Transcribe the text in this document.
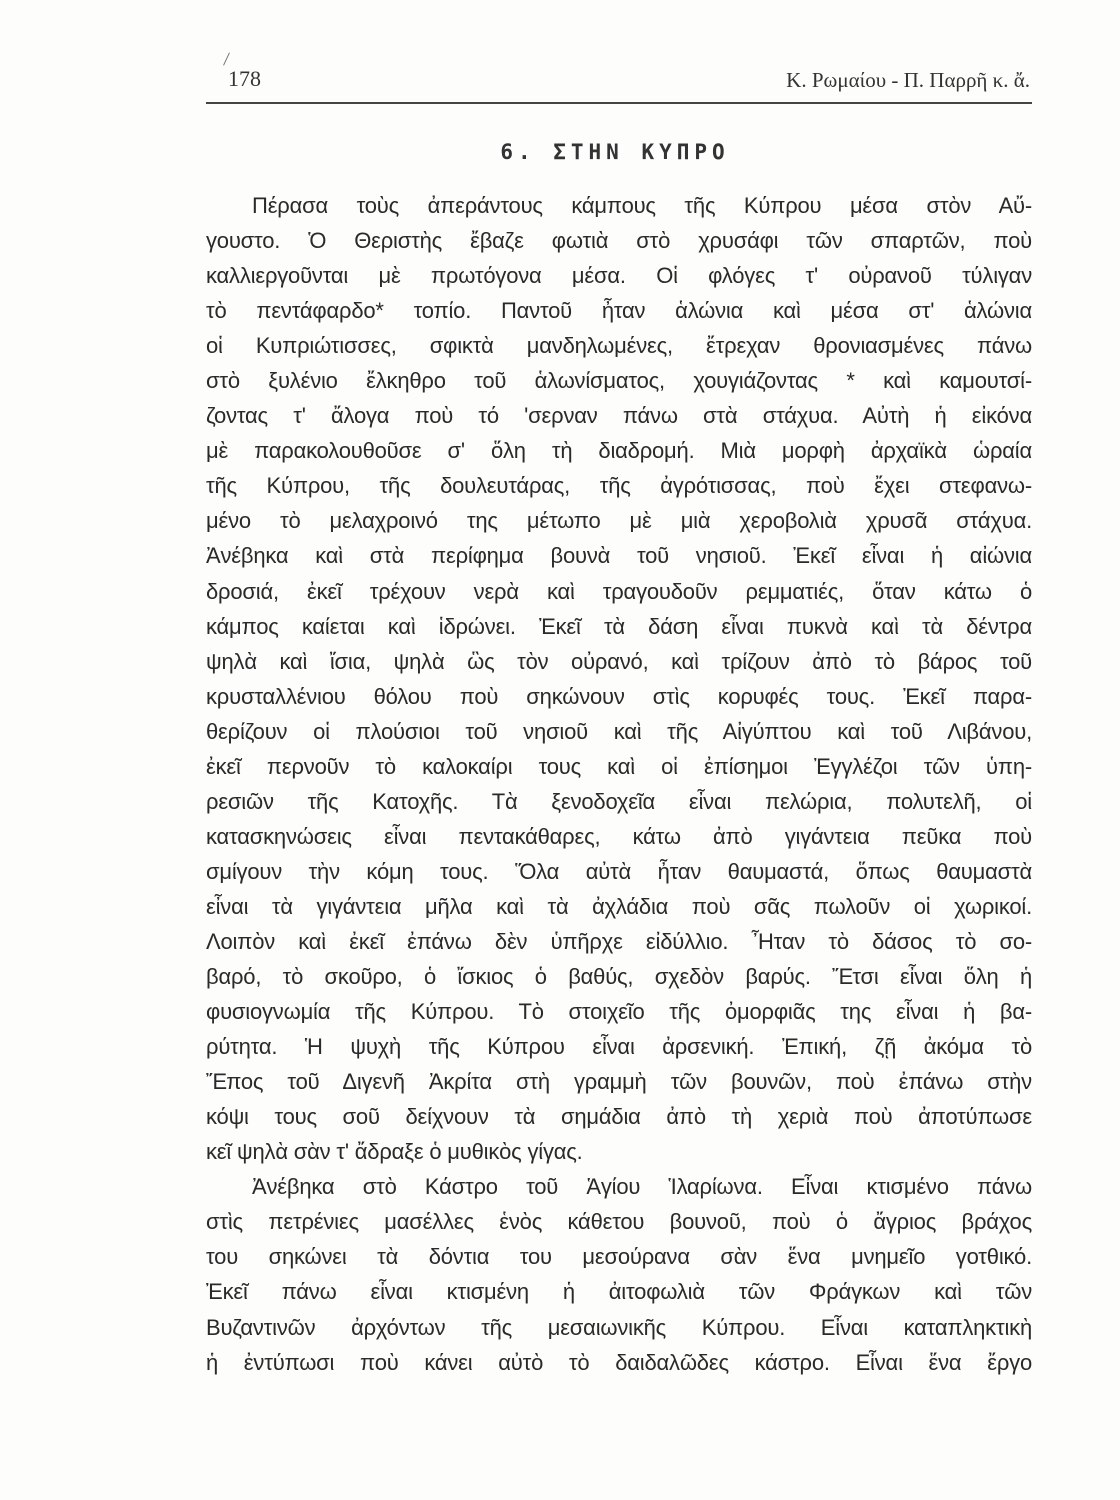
178	Κ. Ρωμαίου - Π. Παρρῆ κ. ἄ.
6. ΣΤΗΝ ΚΥΠΡΟ
Πέρασα τοὺς ἀπεράντους κάμπους τῆς Κύπρου μέσα στὸν Αὔ-
γουστο. Ὁ Θεριστὴς ἔβαζε φωτιὰ στὸ χρυσάφι τῶν σπαρτῶν, ποὺ
καλλιεργοῦνται μὲ πρωτόγονα μέσα. Οἱ φλόγες τ' οὐρανοῦ τύλιγαν
τὸ πεντάφαρδο* τοπίο. Παντοῦ ἦταν ἁλώνια καὶ μέσα στ' ἁλώνια
οἱ Κυπριώτισσες, σφικτὰ μανδηλωμένες, ἔτρεχαν θρονιασμένες πάνω
στὸ ξυλένιο ἔλκηθρο τοῦ ἁλωνίσματος, χουγιάζοντας * καὶ καμουτσί-
ζοντας τ' ἄλογα ποὺ τό 'σερναν πάνω στὰ στάχυα. Αὐτὴ ἡ εἰκόνα
μὲ παρακολουθοῦσε σ' ὅλη τὴ διαδρομή. Μιὰ μορφὴ ἀρχαϊκὰ ὡραία
τῆς Κύπρου, τῆς δουλευτάρας, τῆς ἀγρότισσας, ποὺ ἔχει στεφανω-
μένο τὸ μελαχροινό της μέτωπο μὲ μιὰ χεροβολιὰ χρυσᾶ στάχυα.
Ἀνέβηκα καὶ στὰ περίφημα βουνὰ τοῦ νησιοῦ. Ἐκεῖ εἶναι ἡ αἰώνια
δροσιά, ἐκεῖ τρέχουν νερὰ καὶ τραγουδοῦν ρεμματιές, ὅταν κάτω ὁ
κάμπος καίεται καὶ ἱδρώνει. Ἐκεῖ τὰ δάση εἶναι πυκνὰ καὶ τὰ δέντρα
ψηλὰ καὶ ἴσια, ψηλὰ ὣς τὸν οὐρανό, καὶ τρίζουν ἀπὸ τὸ βάρος τοῦ
κρυσταλλένιου θόλου ποὺ σηκώνουν στὶς κορυφές τους. Ἐκεῖ παρα-
θερίζουν οἱ πλούσιοι τοῦ νησιοῦ καὶ τῆς Αἰγύπτου καὶ τοῦ Λιβάνου,
ἐκεῖ περνοῦν τὸ καλοκαίρι τους καὶ οἱ ἐπίσημοι Ἐγγλέζοι τῶν ὑπη-
ρεσιῶν τῆς Κατοχῆς. Τὰ ξενοδοχεῖα εἶναι πελώρια, πολυτελῆ, οἱ
κατασκηνώσεις εἶναι πεντακάθαρες, κάτω ἀπὸ γιγάντεια πεῦκα ποὺ
σμίγουν τὴν κόμη τους. Ὅλα αὐτὰ ἦταν θαυμαστά, ὅπως θαυμαστὰ
εἶναι τὰ γιγάντεια μῆλα καὶ τὰ ἀχλάδια ποὺ σᾶς πωλοῦν οἱ χωρικοί.
Λοιπὸν καὶ ἐκεῖ ἐπάνω δὲν ὑπῆρχε εἰδύλλιο. Ἦταν τὸ δάσος τὸ σο-
βαρό, τὸ σκοῦρο, ὁ ἴσκιος ὁ βαθύς, σχεδὸν βαρύς. Ἔτσι εἶναι ὅλη ἡ
φυσιογνωμία τῆς Κύπρου. Τὸ στοιχεῖο τῆς ὀμορφιᾶς της εἶναι ἡ βα-
ρύτητα. Ἡ ψυχὴ τῆς Κύπρου εἶναι ἀρσενική. Ἐπική, ζῇ ἀκόμα τὸ
Ἔπος τοῦ Διγενῆ Ἀκρίτα στὴ γραμμὴ τῶν βουνῶν, ποὺ ἐπάνω στὴν
κόψι τους σοῦ δείχνουν τὰ σημάδια ἀπὸ τὴ χεριὰ ποὺ ἀποτύπωσε
κεῖ ψηλὰ σὰν τ' ἄδραξε ὁ μυθικὸς γίγας.
Ἀνέβηκα στὸ Κάστρο τοῦ Ἁγίου Ἱλαρίωνα. Εἶναι κτισμένο πάνω
στὶς πετρένιες μασέλλες ἑνὸς κάθετου βουνοῦ, ποὺ ὁ ἄγριος βράχος
του σηκώνει τὰ δόντια του μεσούρανα σὰν ἕνα μνημεῖο γοτθικό.
Ἐκεῖ πάνω εἶναι κτισμένη ἡ ἀιτοφωλιὰ τῶν Φράγκων καὶ τῶν
Βυζαντινῶν ἀρχόντων τῆς μεσαιωνικῆς Κύπρου. Εἶναι καταπληκτικὴ
ἡ ἐντύπωσι ποὺ κάνει αὐτὸ τὸ δαιδαλῶδες κάστρο. Εἶναι ἕνα ἔργο
